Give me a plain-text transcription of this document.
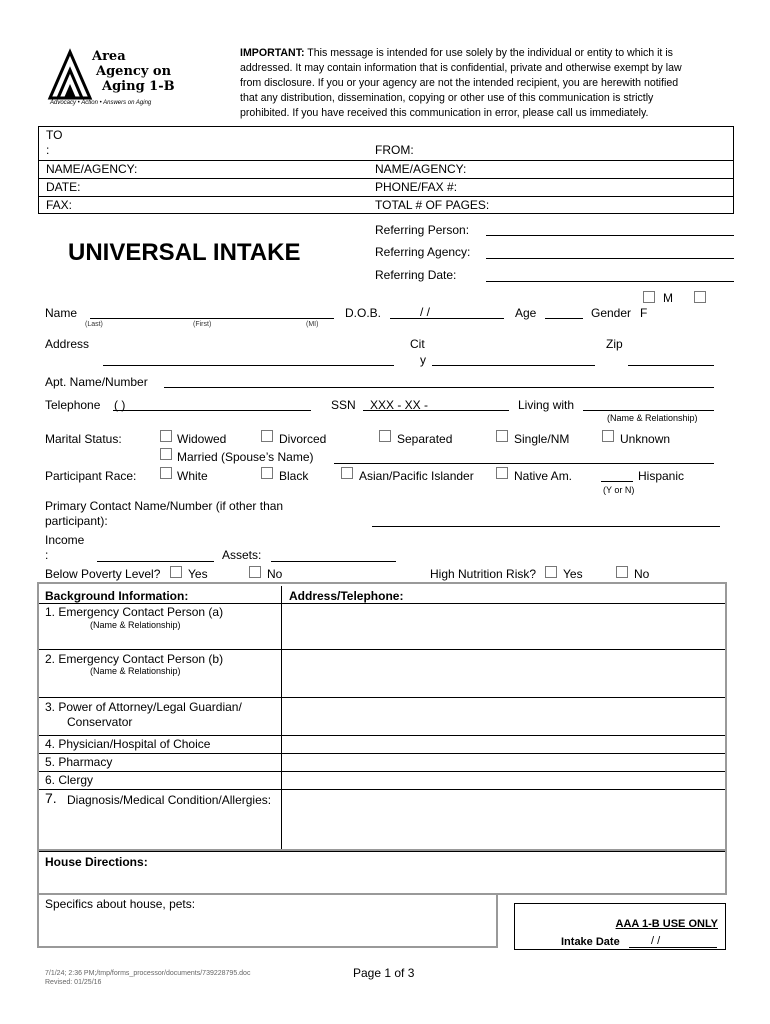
Area
Agency on
Aging 1-B
Advocacy • Action • Answers on Aging
IMPORTANT: This message is intended for use solely by the individual or entity to which it is
addressed. It may contain information that is confidential, private and otherwise exempt by law
from disclosure. If you or your agency are not the intended recipient, you are herewith notified
that any distribution, dissemination, copying or other use of this communication is strictly
prohibited. If you have received this communication in error, please call us immediately.
TO
:	FROM:
NAME/AGENCY:	NAME/AGENCY:
DATE:	PHONE/FAX #:
FAX:	TOTAL # OF PAGES:
UNIVERSAL INTAKE
Referring Person:
Referring Agency:
Referring Date:
Name
(Last)	(First)	(MI)
D.O.B.	/ /	Age	Gender
M
F
Address	Cit
y
Zip
Apt. Name/Number
Telephone ( )	SSN XXX - XX -	Living with
(Name & Relationship)
Marital Status:	Widowed	Divorced	Separated	Single/NM	Unknown
Married (Spouse’s Name)
Participant Race:	White	Black	Asian/Pacific Islander	Native Am.	Hispanic
(Y or N)
Primary Contact Name/Number (if other than
participant):
Income
:	Assets:
Below Poverty Level? Yes	No	High Nutrition Risk? Yes	No
Background Information:	Address/Telephone:
1. Emergency Contact Person (a)
(Name & Relationship)
2. Emergency Contact Person (b)
(Name & Relationship)
3. Power of Attorney/Legal Guardian/
Conservator
4. Physician/Hospital of Choice
5. Pharmacy
6. Clergy
7. Diagnosis/Medical Condition/Allergies:
House Directions:
Specifics about house, pets:
AAA 1-B USE ONLY
Intake Date	/ /
7/1/24; 2:36 PM;/tmp/forms_processor/documents/739228795.doc
Revised: 01/25/16
Page 1 of 3
